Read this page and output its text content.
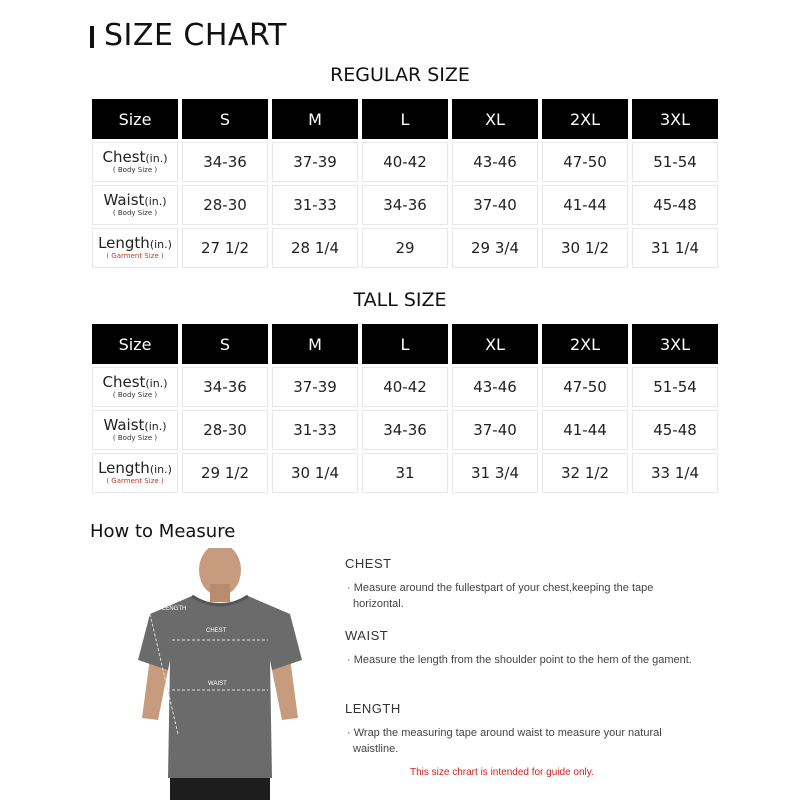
SIZE CHART
REGULAR SIZE
Size	S	M	L	XL	2XL	3XL

Chest(in.)
( Body Size )	34-36	37-39	40-42	43-46	47-50	51-54

Waist(in.)
( Body Size )	28-30	31-33	34-36	37-40	41-44	45-48

Length(in.)
( Garment Size )	27 1/2	28 1/4	29	29 3/4	30 1/2	31 1/4
TALL SIZE
Size	S	M	L	XL	2XL	3XL

Chest(in.)
( Body Size )	34-36	37-39	40-42	43-46	47-50	51-54

Waist(in.)
( Body Size )	28-30	31-33	34-36	37-40	41-44	45-48

Length(in.)
( Garment Size )	29 1/2	30 1/4	31	31 3/4	32 1/2	33 1/4
How to Measure
LENGTH
CHEST
WAIST
CHEST

· Measure around the fullestpart of your chest,keeping the tape horizontal.

WAIST

· Measure the length from the shoulder point to the hem of the gament.

LENGTH

· Wrap the measuring tape around waist to measure your natural waistline.

This size chrart is intended for guide only.
